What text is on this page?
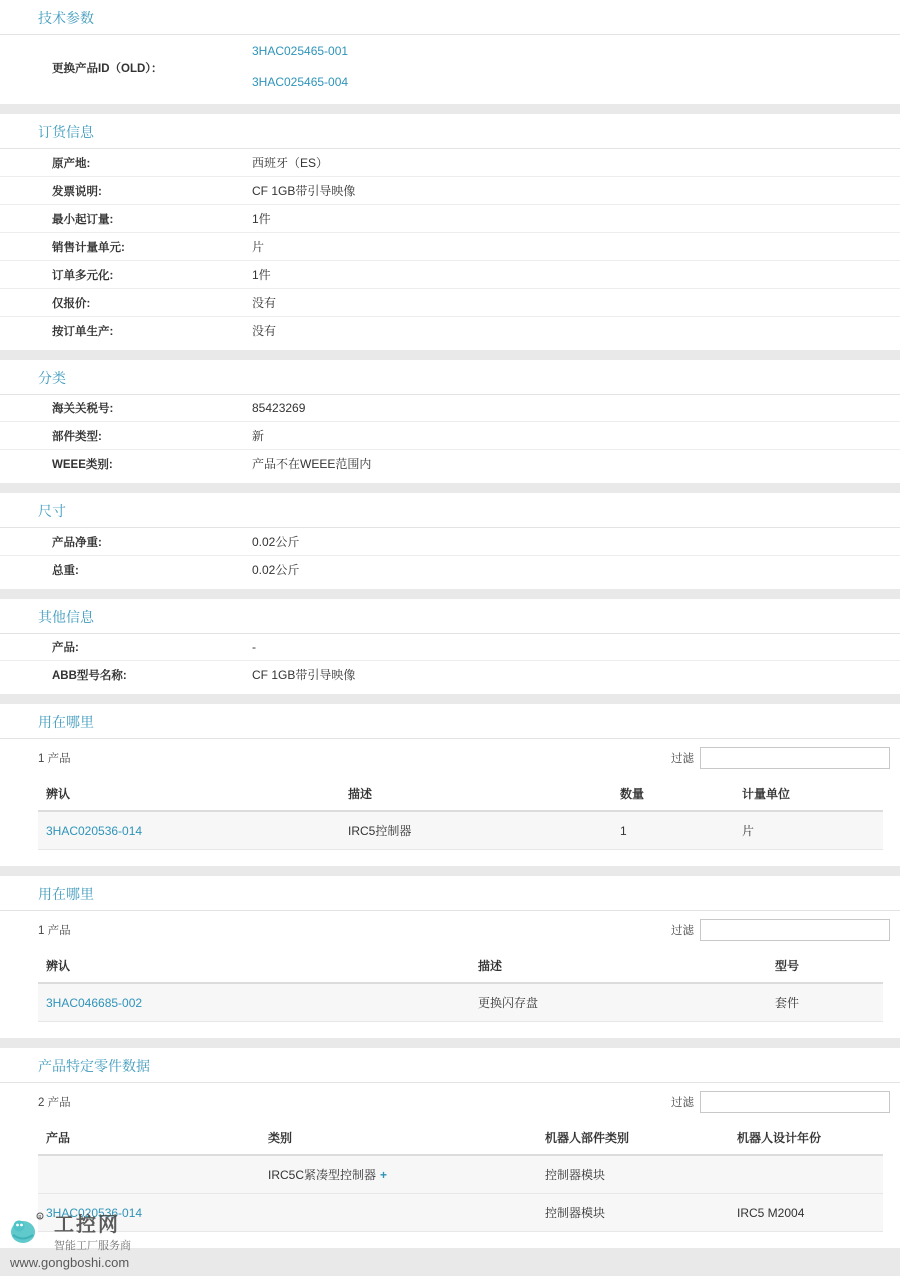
技术参数
更换产品ID（OLD）：
3HAC025465-001
3HAC025465-004
订货信息
原产地:	西班牙（ES）
发票说明:	CF 1GB带引导映像
最小起订量:	1件
销售计量单元:	片
订单多元化:	1件
仅报价:	没有
按订单生产:	没有
分类
海关关税号:	85423269
部件类型:	新
WEEE类别:	产品不在WEEE范围内
尺寸
产品净重:	0.02公斤
总重:	0.02公斤
其他信息
产品:	-
ABB型号名称:	CF 1GB带引导映像
用在哪里
1 产品	过滤
辨认	描述	数量	计量单位
3HAC020536-014	IRC5控制器	1	片
用在哪里
1 产品	过滤
辨认	描述	型号
3HAC046685-002	更换闪存盘	套件
产品特定零件数据
2 产品	过滤
产品	类别	机器人部件类别	机器人设计年份
	IRC5C紧凑型控制器 +	控制器模块	
3HAC020536-014		控制器模块	IRC5 M2004
R 工控网
智能工厂服务商
www.gongboshi.com
